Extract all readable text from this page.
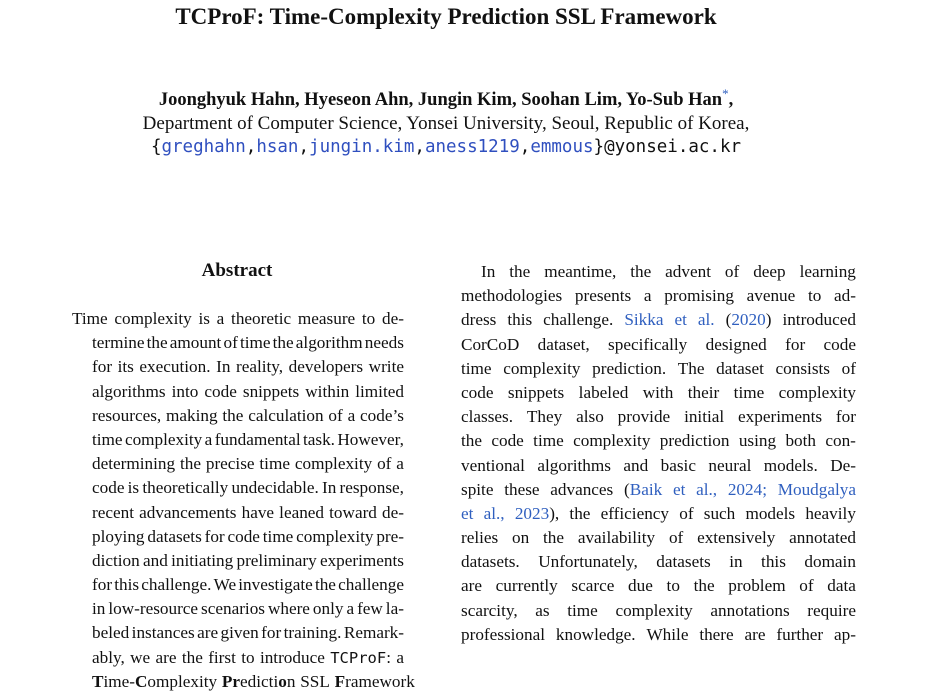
TCProF: Time-Complexity Prediction SSL Framework
Joonghyuk Hahn, Hyeseon Ahn, Jungin Kim, Soohan Lim, Yo-Sub Han*,
Department of Computer Science, Yonsei University, Seoul, Republic of Korea,
{greghahn,hsan,jungin.kim,aness1219,emmous}@yonsei.ac.kr
Abstract
Time complexity is a theoretic measure to de-
termine the amount of time the algorithm needs
for its execution. In reality, developers write
algorithms into code snippets within limited
resources, making the calculation of a code’s
time complexity a fundamental task. However,
determining the precise time complexity of a
code is theoretically undecidable. In response,
recent advancements have leaned toward de-
ploying datasets for code time complexity pre-
diction and initiating preliminary experiments
for this challenge. We investigate the challenge
in low-resource scenarios where only a few la-
beled instances are given for training. Remark-
ably, we are the first to introduce TCProF: a
Time-Complexity Prediction SSL Framework
In the meantime, the advent of deep learning
methodologies presents a promising avenue to ad-
dress this challenge. Sikka et al. (2020) introduced
CorCoD dataset, specifically designed for code
time complexity prediction. The dataset consists of
code snippets labeled with their time complexity
classes. They also provide initial experiments for
the code time complexity prediction using both con-
ventional algorithms and basic neural models. De-
spite these advances (Baik et al., 2024; Moudgalya
et al., 2023), the efficiency of such models heavily
relies on the availability of extensively annotated
datasets. Unfortunately, datasets in this domain
are currently scarce due to the problem of data
scarcity, as time complexity annotations require
professional knowledge. While there are further ap-
